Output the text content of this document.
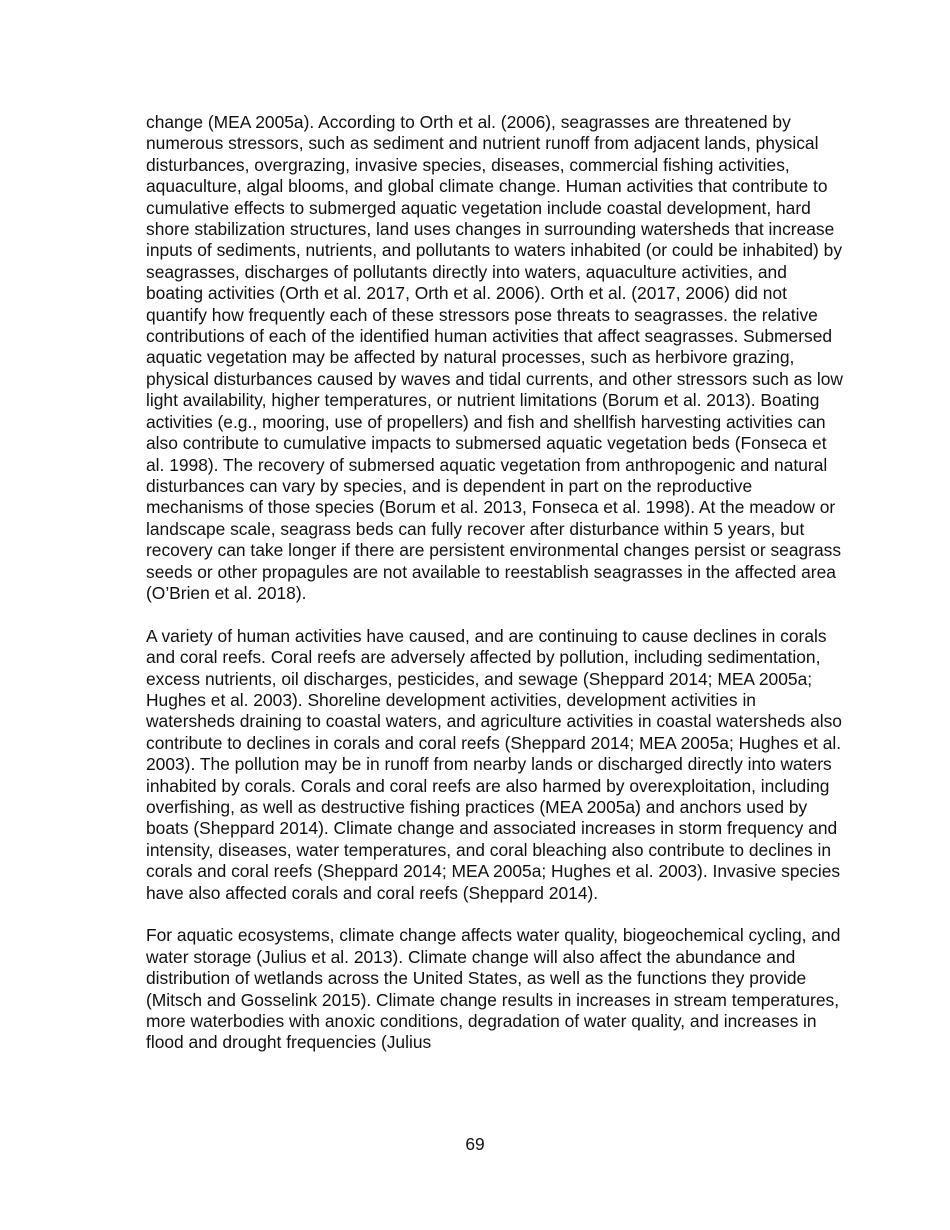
change (MEA 2005a). According to Orth et al. (2006), seagrasses are threatened by numerous stressors, such as sediment and nutrient runoff from adjacent lands, physical disturbances, overgrazing, invasive species, diseases, commercial fishing activities, aquaculture, algal blooms, and global climate change. Human activities that contribute to cumulative effects to submerged aquatic vegetation include coastal development, hard shore stabilization structures, land uses changes in surrounding watersheds that increase inputs of sediments, nutrients, and pollutants to waters inhabited (or could be inhabited) by seagrasses, discharges of pollutants directly into waters, aquaculture activities, and boating activities (Orth et al. 2017, Orth et al. 2006). Orth et al. (2017, 2006) did not quantify how frequently each of these stressors pose threats to seagrasses. the relative contributions of each of the identified human activities that affect seagrasses. Submersed aquatic vegetation may be affected by natural processes, such as herbivore grazing, physical disturbances caused by waves and tidal currents, and other stressors such as low light availability, higher temperatures, or nutrient limitations (Borum et al. 2013). Boating activities (e.g., mooring, use of propellers) and fish and shellfish harvesting activities can also contribute to cumulative impacts to submersed aquatic vegetation beds (Fonseca et al. 1998). The recovery of submersed aquatic vegetation from anthropogenic and natural disturbances can vary by species, and is dependent in part on the reproductive mechanisms of those species (Borum et al. 2013, Fonseca et al. 1998). At the meadow or landscape scale, seagrass beds can fully recover after disturbance within 5 years, but recovery can take longer if there are persistent environmental changes persist or seagrass seeds or other propagules are not available to reestablish seagrasses in the affected area (O’Brien et al. 2018).

A variety of human activities have caused, and are continuing to cause declines in corals and coral reefs. Coral reefs are adversely affected by pollution, including sedimentation, excess nutrients, oil discharges, pesticides, and sewage (Sheppard 2014; MEA 2005a; Hughes et al. 2003). Shoreline development activities, development activities in watersheds draining to coastal waters, and agriculture activities in coastal watersheds also contribute to declines in corals and coral reefs (Sheppard 2014; MEA 2005a; Hughes et al. 2003). The pollution may be in runoff from nearby lands or discharged directly into waters inhabited by corals. Corals and coral reefs are also harmed by overexploitation, including overfishing, as well as destructive fishing practices (MEA 2005a) and anchors used by boats (Sheppard 2014). Climate change and associated increases in storm frequency and intensity, diseases, water temperatures, and coral bleaching also contribute to declines in corals and coral reefs (Sheppard 2014; MEA 2005a; Hughes et al. 2003). Invasive species have also affected corals and coral reefs (Sheppard 2014).

For aquatic ecosystems, climate change affects water quality, biogeochemical cycling, and water storage (Julius et al. 2013). Climate change will also affect the abundance and distribution of wetlands across the United States, as well as the functions they provide (Mitsch and Gosselink 2015). Climate change results in increases in stream temperatures, more waterbodies with anoxic conditions, degradation of water quality, and increases in flood and drought frequencies (Julius

69
